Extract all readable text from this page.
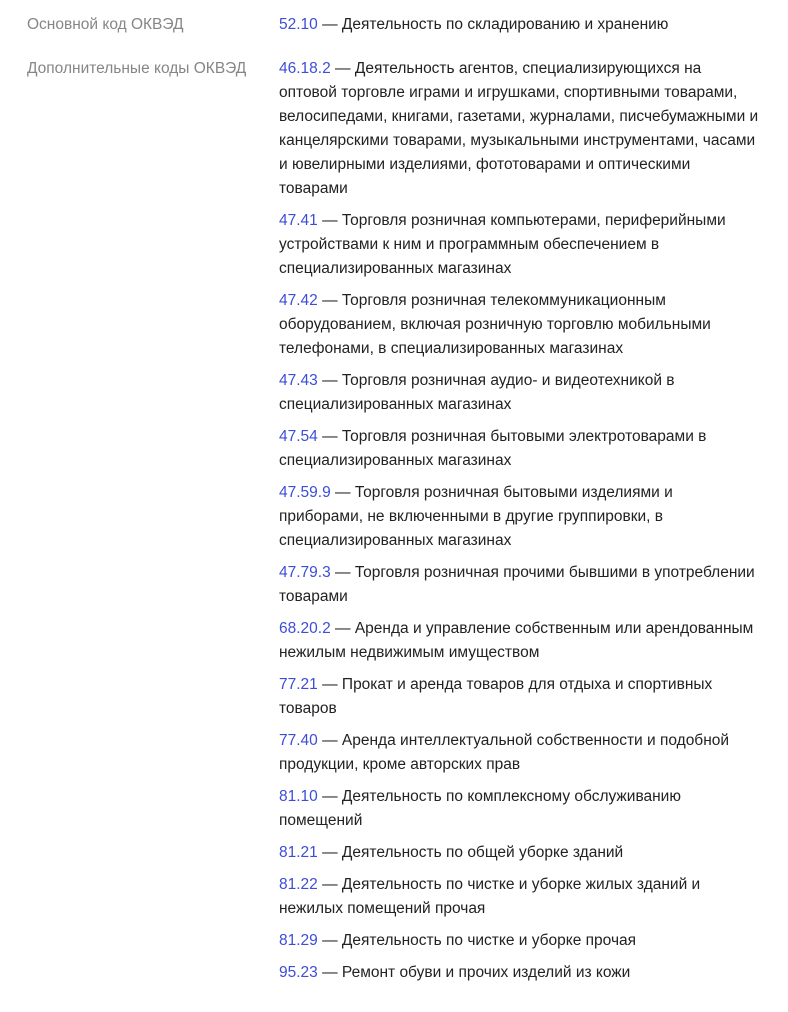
Основной код ОКВЭД	52.10 — Деятельность по складированию и хранению
Дополнительные коды ОКВЭД 46.18.2 — Деятельность агентов, специализирующихся на оптовой торговле играми и игрушками, спортивными товарами, велосипедами, книгами, газетами, журналами, писчебумажными и канцелярскими товарами, музыкальными инструментами, часами и ювелирными изделиями, фототоварами и оптическими товарами
47.41 — Торговля розничная компьютерами, периферийными устройствами к ним и программным обеспечением в специализированных магазинах
47.42 — Торговля розничная телекоммуникационным оборудованием, включая розничную торговлю мобильными телефонами, в специализированных магазинах
47.43 — Торговля розничная аудио- и видеотехникой в специализированных магазинах
47.54 — Торговля розничная бытовыми электротоварами в специализированных магазинах
47.59.9 — Торговля розничная бытовыми изделиями и приборами, не включенными в другие группировки, в специализированных магазинах
47.79.3 — Торговля розничная прочими бывшими в употреблении товарами
68.20.2 — Аренда и управление собственным или арендованным нежилым недвижимым имуществом
77.21 — Прокат и аренда товаров для отдыха и спортивных товаров
77.40 — Аренда интеллектуальной собственности и подобной продукции, кроме авторских прав
81.10 — Деятельность по комплексному обслуживанию помещений
81.21 — Деятельность по общей уборке зданий
81.22 — Деятельность по чистке и уборке жилых зданий и нежилых помещений прочая
81.29 — Деятельность по чистке и уборке прочая
95.23 — Ремонт обуви и прочих изделий из кожи
